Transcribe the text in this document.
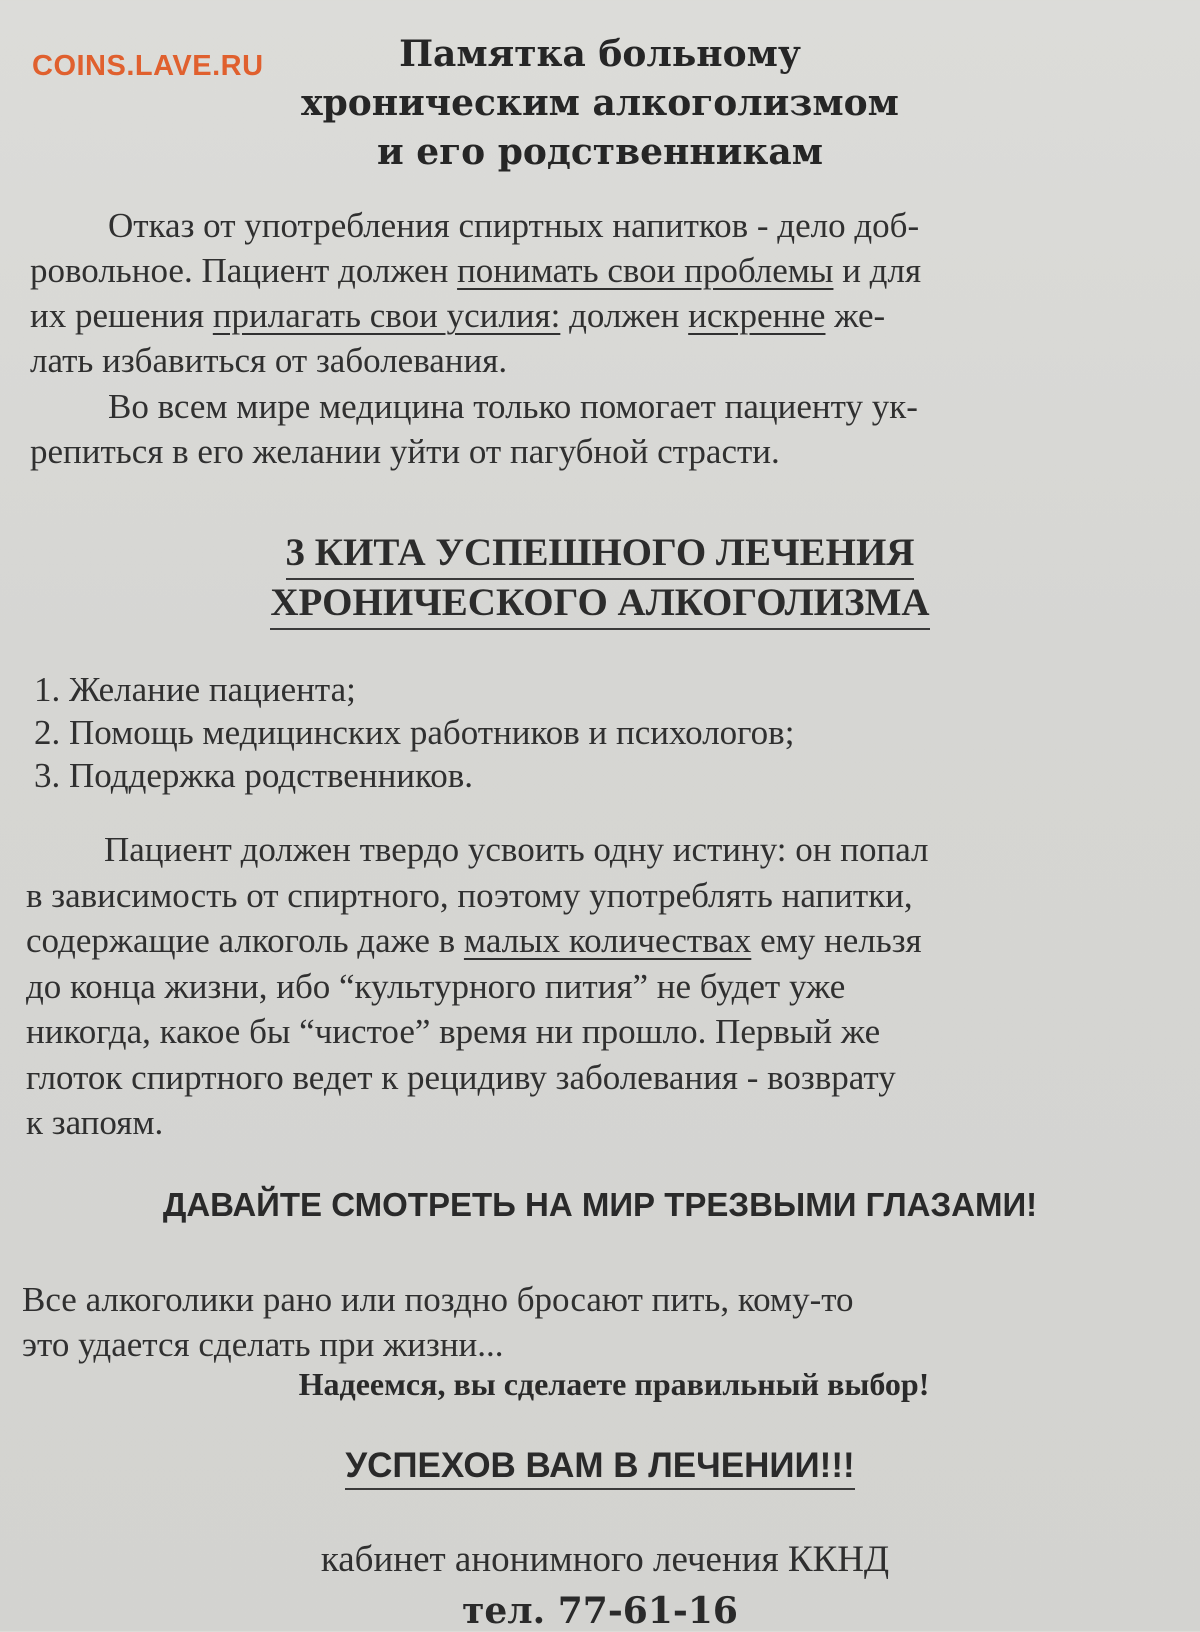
COINS.LAVE.RU	Памятка больному
хроническим алкоголизмом
и его родственникам
Отказ от употребления спиртных напитков - дело доб-
ровольное. Пациент должен понимать свои проблемы и для
их решения прилагать свои усилия: должен искренне же-
лать избавиться от заболевания.
Во всем мире медицина только помогает пациенту ук-
репиться в его желании уйти от пагубной страсти.
3 КИТА УСПЕШНОГО ЛЕЧЕНИЯ
ХРОНИЧЕСКОГО АЛКОГОЛИЗМА
1. Желание пациента;
2. Помощь медицинских работников и психологов;
3. Поддержка родственников.
Пациент должен твердо усвоить одну истину: он попал
в зависимость от спиртного, поэтому употреблять напитки,
содержащие алкоголь даже в малых количествах ему нельзя
до конца жизни, ибо “культурного пития” не будет уже
никогда, какое бы “чистое” время ни прошло. Первый же
глоток спиртного ведет к рецидиву заболевания - возврату
к запоям.
ДАВАЙТЕ СМОТРЕТЬ НА МИР ТРЕЗВЫМИ ГЛАЗАМИ!
Все алкоголики рано или поздно бросают пить, кому-то
это удается сделать при жизни...
Надеемся, вы сделаете правильный выбор!
УСПЕХОВ ВАМ В ЛЕЧЕНИИ!!!
кабинет анонимного лечения ККНД
тел. 77-61-16
